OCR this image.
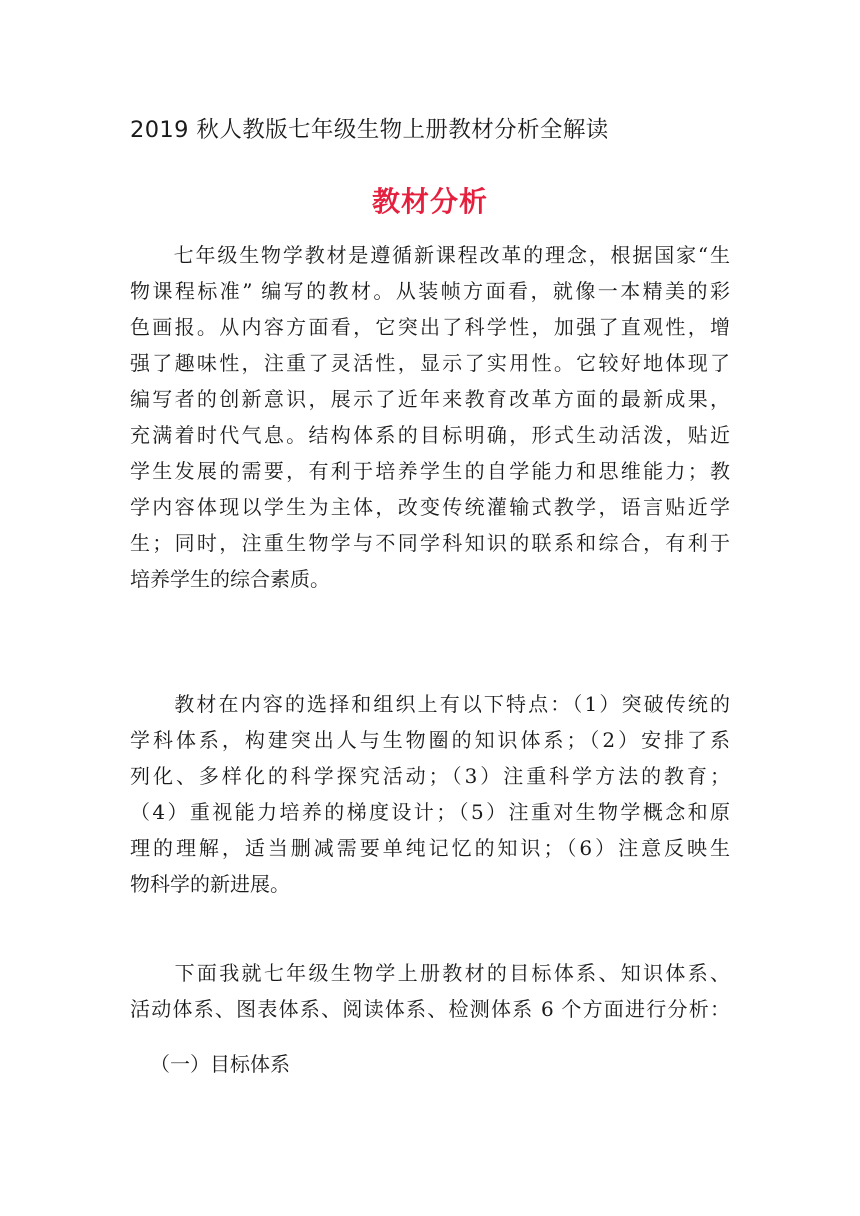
2019 秋人教版七年级生物上册教材分析全解读
教材分析

　　七年级生物学教材是遵循新课程改革的理念，根据国家“生
物课程标准” 编写的教材。从装帧方面看，就像一本精美的彩
色画报。从内容方面看，它突出了科学性，加强了直观性，增
强了趣味性，注重了灵活性，显示了实用性。它较好地体现了
编写者的创新意识，展示了近年来教育改革方面的最新成果，
充满着时代气息。结构体系的目标明确，形式生动活泼，贴近
学生发展的需要，有利于培养学生的自学能力和思维能力；教
学内容体现以学生为主体，改变传统灌输式教学，语言贴近学
生；同时，注重生物学与不同学科知识的联系和综合，有利于
培养学生的综合素质。

　　教材在内容的选择和组织上有以下特点：（1）突破传统的
学科体系，构建突出人与生物圈的知识体系；（2）安排了系
列化、多样化的科学探究活动；（3）注重科学方法的教育；
（4）重视能力培养的梯度设计；（5）注重对生物学概念和原
理的理解，适当删减需要单纯记忆的知识；（6）注意反映生
物科学的新进展。

　　下面我就七年级生物学上册教材的目标体系、知识体系、
活动体系、图表体系、阅读体系、检测体系 6 个方面进行分析：

（一）目标体系
